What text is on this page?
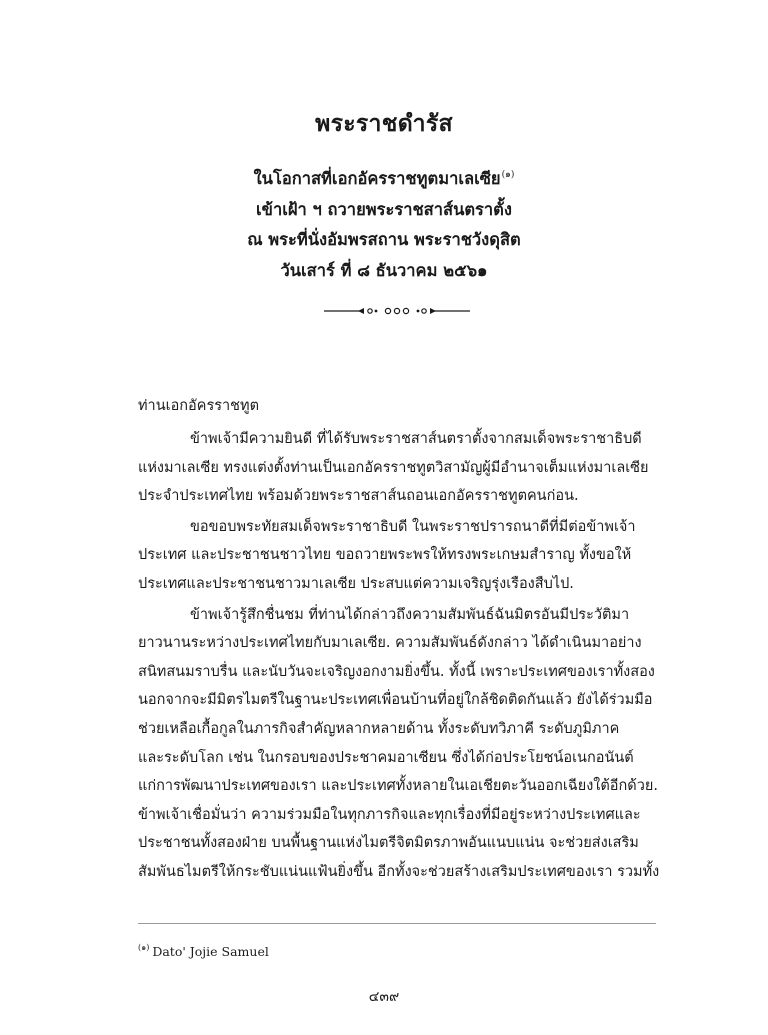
พระราชดำรัส
ในโอกาสที่เอกอัครราชทูตมาเลเซีย$^{(๑)}$
เข้าเฝ้า ฯ ถวายพระราชสาส์นตราตั้ง
ณ พระที่นั่งอัมพรสถาน พระราชวังดุสิต
วันเสาร์ ที่ ๘ ธันวาคม ๒๕๖๑
ท่านเอกอัครราชทูต
ข้าพเจ้ามีความยินดี ที่ได้รับพระราชสาส์นตราตั้งจากสมเด็จพระราชาธิบดี
แห่งมาเลเซีย ทรงแต่งตั้งท่านเป็นเอกอัครราชทูตวิสามัญผู้มีอำนาจเต็มแห่งมาเลเซีย
ประจำประเทศไทย พร้อมด้วยพระราชสาส์นถอนเอกอัครราชทูตคนก่อน.
ขอขอบพระทัยสมเด็จพระราชาธิบดี ในพระราชปรารถนาดีที่มีต่อข้าพเจ้า
ประเทศ และประชาชนชาวไทย ขอถวายพระพรให้ทรงพระเกษมสำราญ ทั้งขอให้
ประเทศและประชาชนชาวมาเลเซีย ประสบแต่ความเจริญรุ่งเรืองสืบไป.
ข้าพเจ้ารู้สึกชื่นชม ที่ท่านได้กล่าวถึงความสัมพันธ์ฉันมิตรอันมีประวัติมา
ยาวนานระหว่างประเทศไทยกับมาเลเซีย. ความสัมพันธ์ดังกล่าว ได้ดำเนินมาอย่าง
สนิทสนมราบรื่น และนับวันจะเจริญงอกงามยิ่งขึ้น. ทั้งนี้ เพราะประเทศของเราทั้งสอง
นอกจากจะมีมิตรไมตรีในฐานะประเทศเพื่อนบ้านที่อยู่ใกล้ชิดติดกันแล้ว ยังได้ร่วมมือ
ช่วยเหลือเกื้อกูลในภารกิจสำคัญหลากหลายด้าน ทั้งระดับทวิภาคี ระดับภูมิภาค
และระดับโลก เช่น ในกรอบของประชาคมอาเซียน ซึ่งได้ก่อประโยชน์อเนกอนันต์
แก่การพัฒนาประเทศของเรา และประเทศทั้งหลายในเอเชียตะวันออกเฉียงใต้อีกด้วย.
ข้าพเจ้าเชื่อมั่นว่า ความร่วมมือในทุกภารกิจและทุกเรื่องที่มีอยู่ระหว่างประเทศและ
ประชาชนทั้งสองฝ่าย บนพื้นฐานแห่งไมตรีจิตมิตรภาพอันแนบแน่น จะช่วยส่งเสริม
สัมพันธไมตรีให้กระชับแน่นแฟ้นยิ่งขึ้น อีกทั้งจะช่วยสร้างเสริมประเทศของเรา รวมทั้ง
$^{(๑)}$ Dato' Jojie Samuel
๔๓๙
